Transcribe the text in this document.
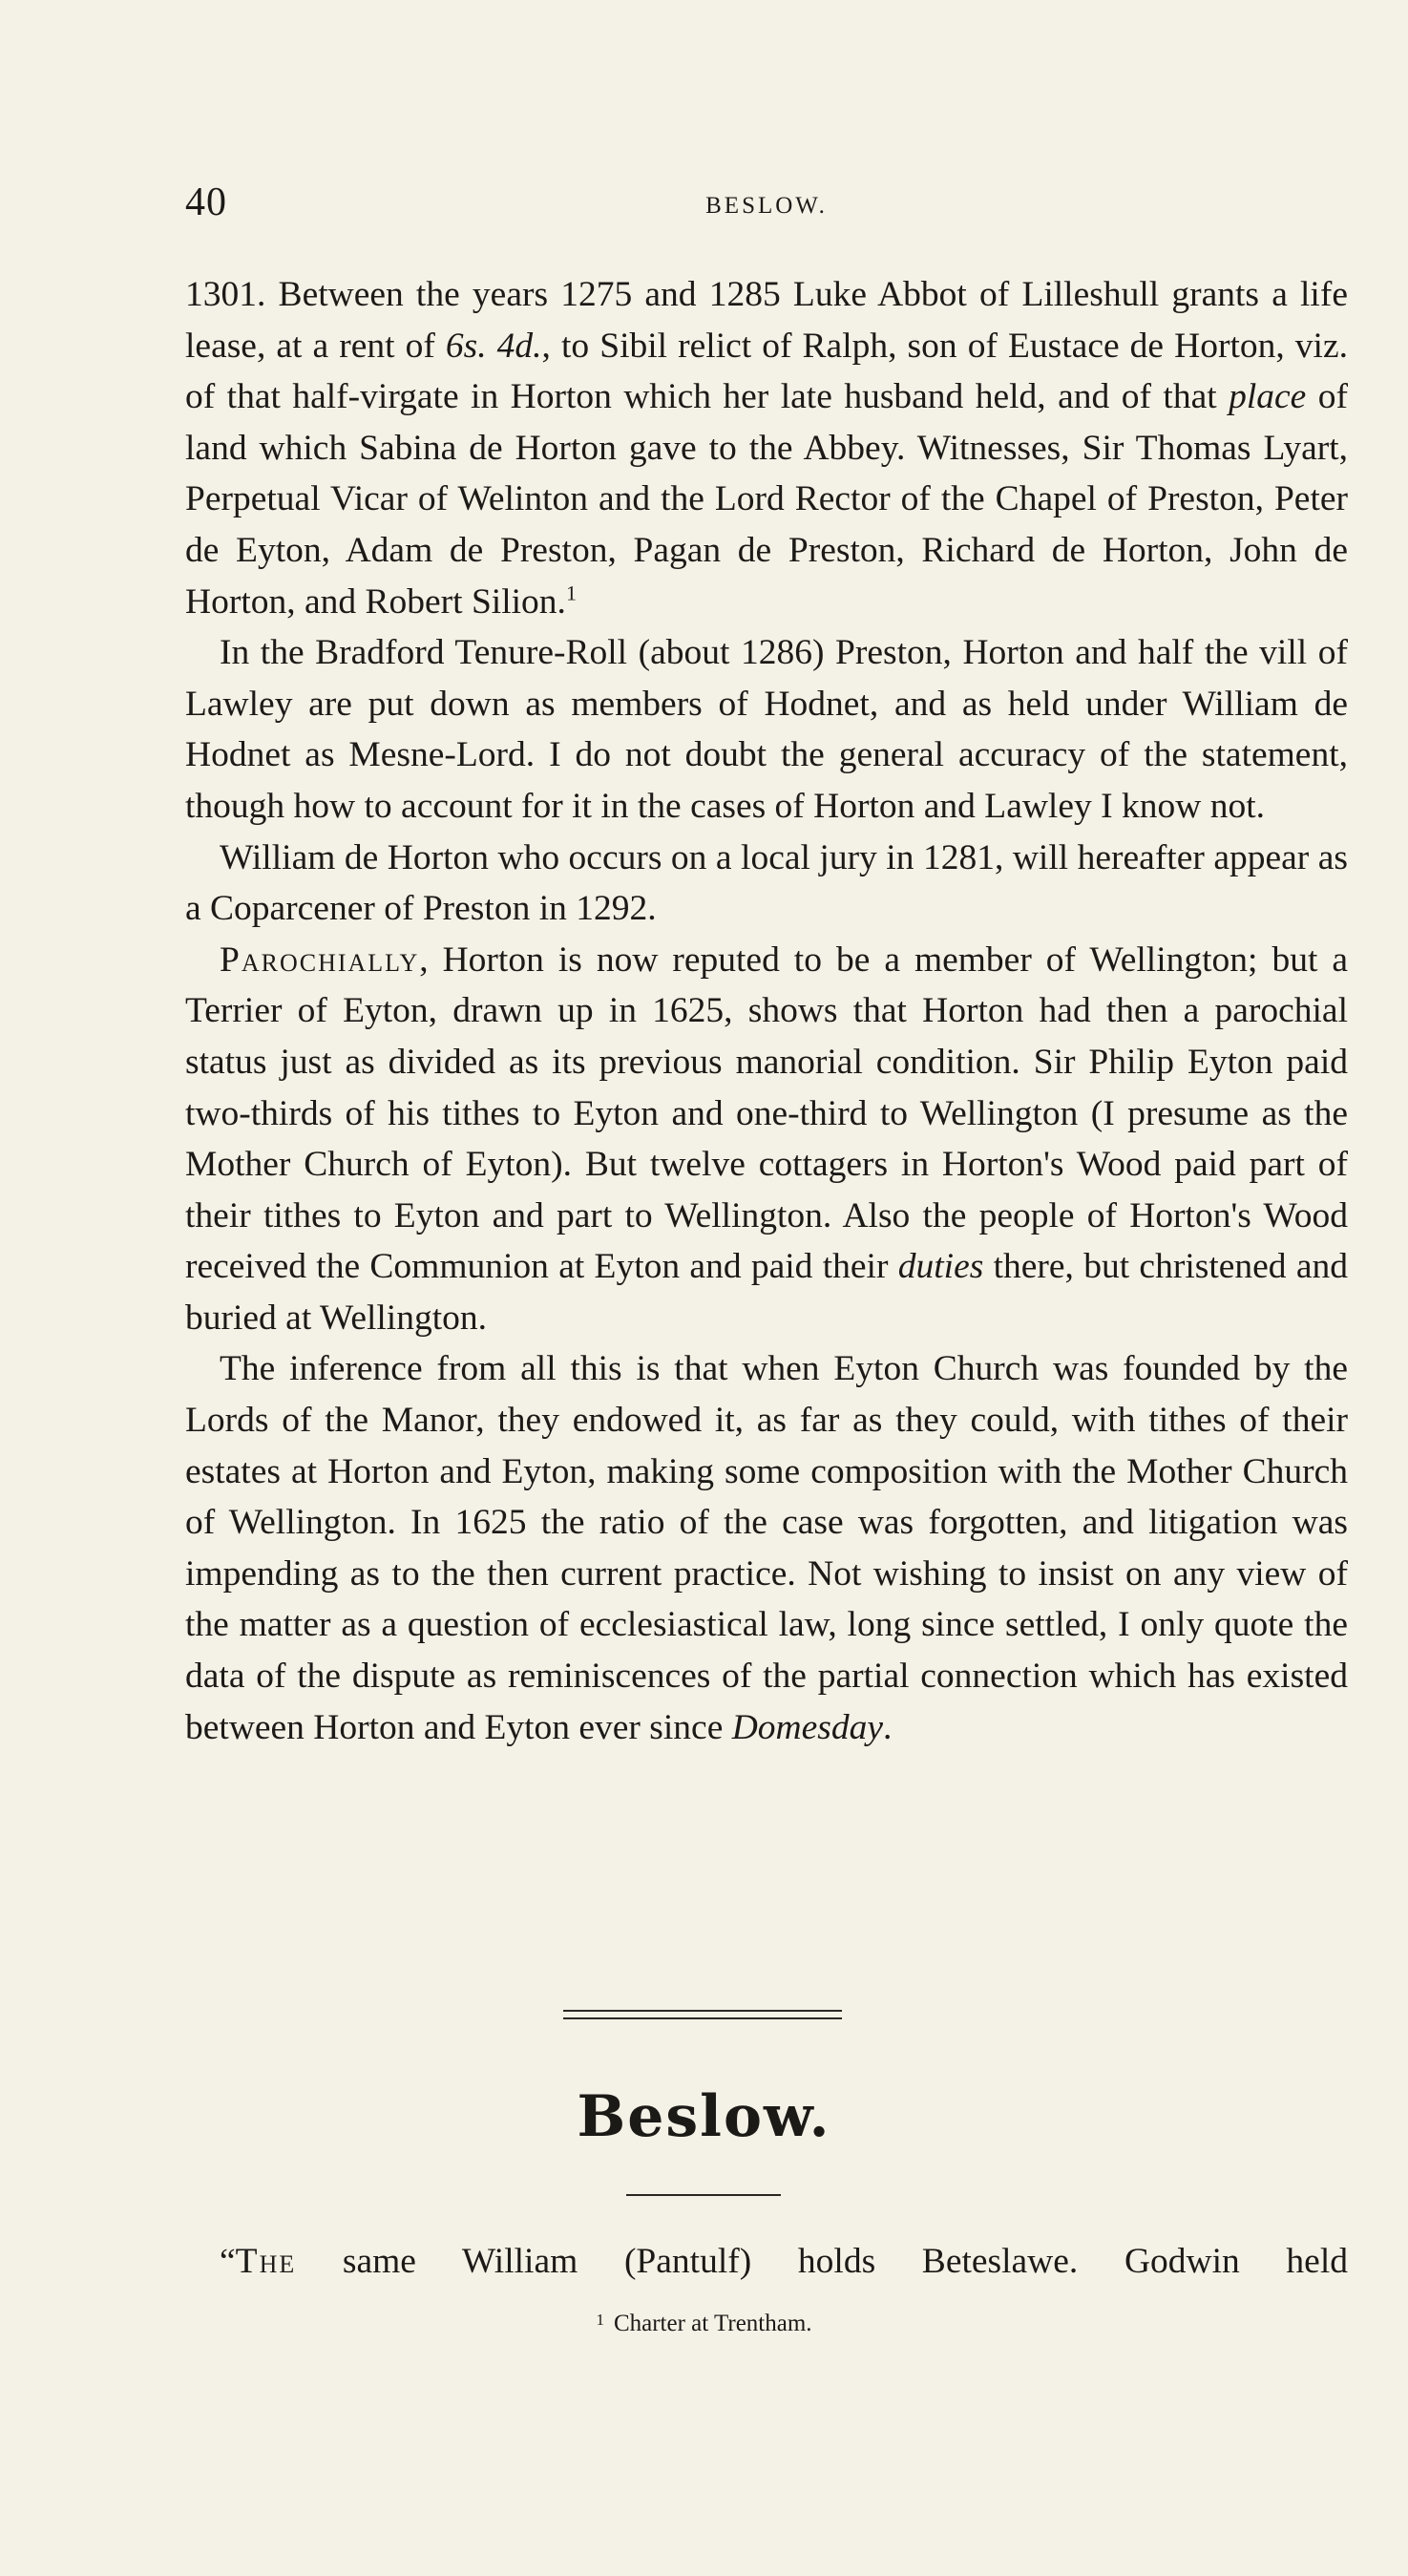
40	BESLOW.

1301. Between the years 1275 and 1285 Luke Abbot of Lilleshull grants a life lease, at a rent of 6s. 4d., to Sibil relict of Ralph, son of Eustace de Horton, viz. of that half-virgate in Horton which her late husband held, and of that place of land which Sabina de Horton gave to the Abbey. Witnesses, Sir Thomas Lyart, Perpetual Vicar of Welinton and the Lord Rector of the Chapel of Preston, Peter de Eyton, Adam de Preston, Pagan de Preston, Richard de Horton, John de Horton, and Robert Silion.$^1$

In the Bradford Tenure-Roll (about 1286) Preston, Horton and half the vill of Lawley are put down as members of Hodnet, and as held under William de Hodnet as Mesne-Lord. I do not doubt the general accuracy of the statement, though how to account for it in the cases of Horton and Lawley I know not.

William de Horton who occurs on a local jury in 1281, will hereafter appear as a Coparcener of Preston in 1292.

Parochially, Horton is now reputed to be a member of Wellington; but a Terrier of Eyton, drawn up in 1625, shows that Horton had then a parochial status just as divided as its previous manorial condition. Sir Philip Eyton paid two-thirds of his tithes to Eyton and one-third to Wellington (I presume as the Mother Church of Eyton). But twelve cottagers in Horton's Wood paid part of their tithes to Eyton and part to Wellington. Also the people of Horton's Wood received the Communion at Eyton and paid their duties there, but christened and buried at Wellington.

The inference from all this is that when Eyton Church was founded by the Lords of the Manor, they endowed it, as far as they could, with tithes of their estates at Horton and Eyton, making some composition with the Mother Church of Wellington. In 1625 the ratio of the case was forgotten, and litigation was impending as to the then current practice. Not wishing to insist on any view of the matter as a question of ecclesiastical law, long since settled, I only quote the data of the dispute as reminiscences of the partial connection which has existed between Horton and Eyton ever since Domesday.

Beslow.
“The same William (Pantulf) holds Beteslawe. Godwin held
$^1$ Charter at Trentham.
